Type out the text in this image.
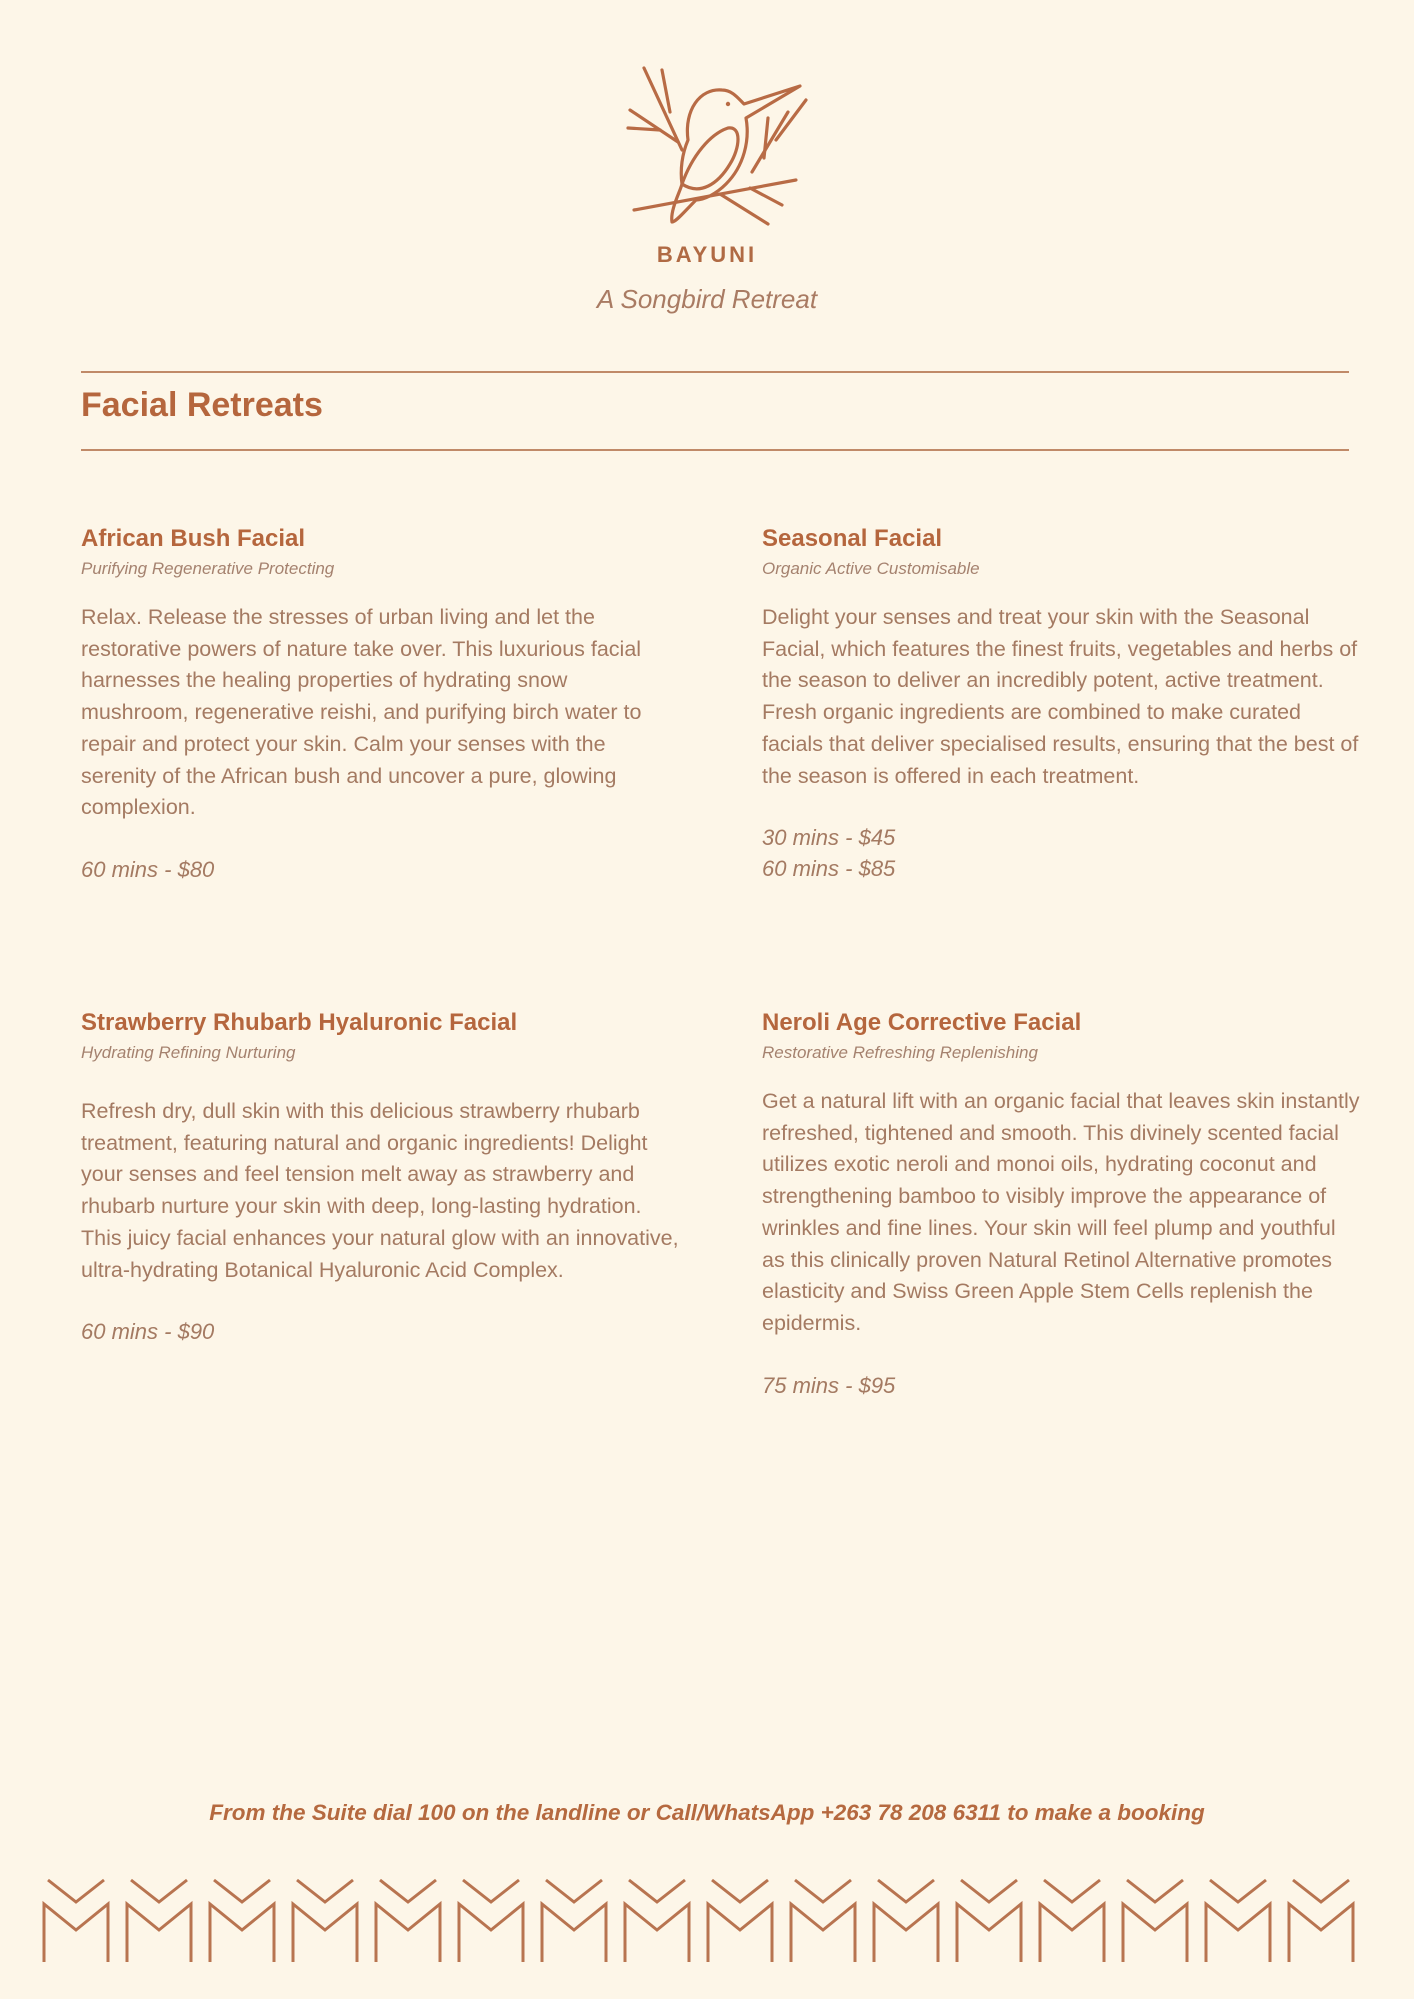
BAYUNI
A Songbird Retreat
Facial Retreats
African Bush Facial
Purifying Regenerative Protecting
Relax. Release the stresses of urban living and let the restorative powers of nature take over. This luxurious facial harnesses the healing properties of hydrating snow mushroom, regenerative reishi, and purifying birch water to repair and protect your skin. Calm your senses with the serenity of the African bush and uncover a pure, glowing complexion.
60 mins - $80
Seasonal Facial
Organic Active Customisable
Delight your senses and treat your skin with the Seasonal Facial, which features the finest fruits, vegetables and herbs of the season to deliver an incredibly potent, active treatment. Fresh organic ingredients are combined to make curated facials that deliver specialised results, ensuring that the best of the season is offered in each treatment.
30 mins - $45
60 mins - $85
Strawberry Rhubarb Hyaluronic Facial
Hydrating Refining Nurturing
Refresh dry, dull skin with this delicious strawberry rhubarb treatment, featuring natural and organic ingredients! Delight your senses and feel tension melt away as strawberry and rhubarb nurture your skin with deep, long-lasting hydration. This juicy facial enhances your natural glow with an innovative, ultra-hydrating Botanical Hyaluronic Acid Complex.
60 mins - $90
Neroli Age Corrective Facial
Restorative Refreshing Replenishing
Get a natural lift with an organic facial that leaves skin instantly refreshed, tightened and smooth. This divinely scented facial utilizes exotic neroli and monoi oils, hydrating coconut and strengthening bamboo to visibly improve the appearance of wrinkles and fine lines. Your skin will feel plump and youthful as this clinically proven Natural Retinol Alternative promotes elasticity and Swiss Green Apple Stem Cells replenish the epidermis.
75 mins - $95
From the Suite dial 100 on the landline or Call/WhatsApp +263 78 208 6311 to make a booking
